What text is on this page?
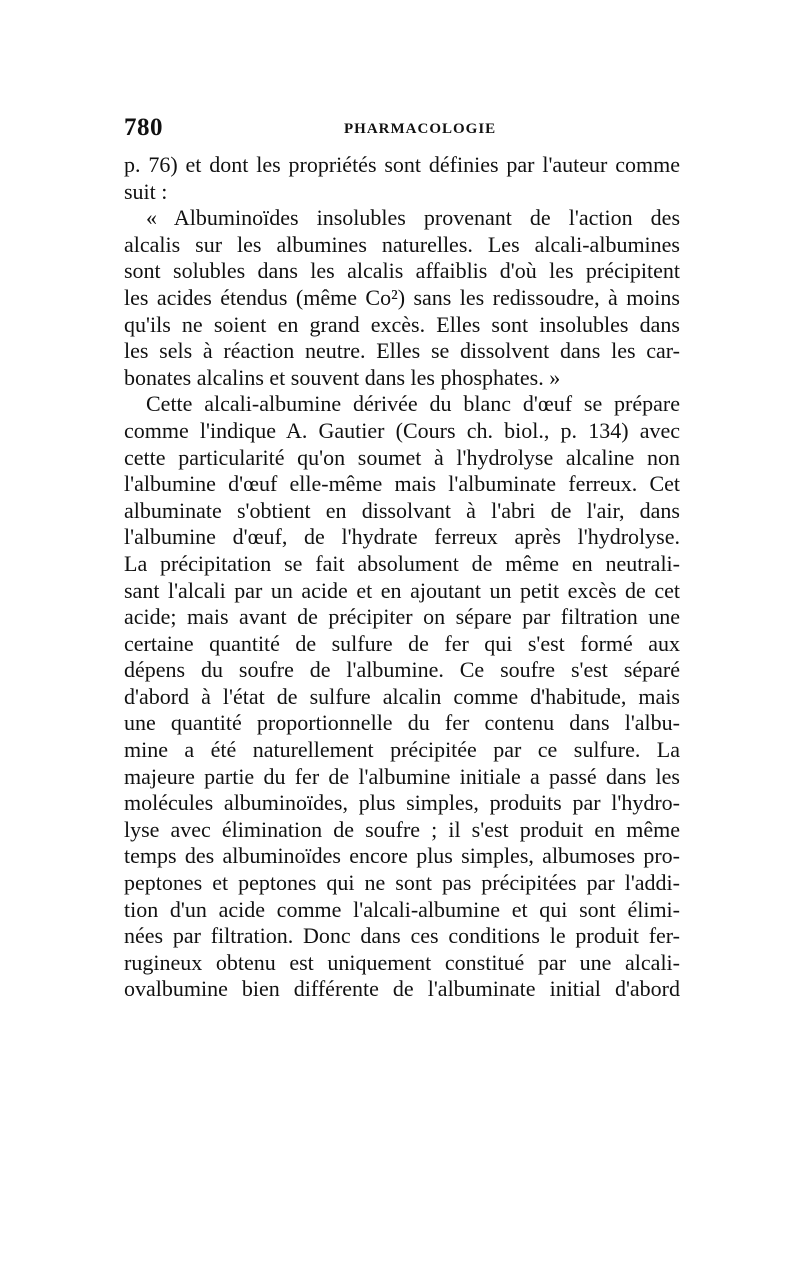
780	PHARMACOLOGIE
p. 76) et dont les propriétés sont définies par l'auteur comme
suit :
« Albuminoïdes insolubles provenant de l'action des
alcalis sur les albumines naturelles. Les alcali-albumines
sont solubles dans les alcalis affaiblis d'où les précipitent
les acides étendus (même Co²) sans les redissoudre, à moins
qu'ils ne soient en grand excès. Elles sont insolubles dans
les sels à réaction neutre. Elles se dissolvent dans les car-
bonates alcalins et souvent dans les phosphates. »
Cette alcali-albumine dérivée du blanc d'œuf se prépare
comme l'indique A. Gautier (Cours ch. biol., p. 134) avec
cette particularité qu'on soumet à l'hydrolyse alcaline non
l'albumine d'œuf elle-même mais l'albuminate ferreux. Cet
albuminate s'obtient en dissolvant à l'abri de l'air, dans
l'albumine d'œuf, de l'hydrate ferreux après l'hydrolyse.
La précipitation se fait absolument de même en neutrali-
sant l'alcali par un acide et en ajoutant un petit excès de cet
acide; mais avant de précipiter on sépare par filtration une
certaine quantité de sulfure de fer qui s'est formé aux
dépens du soufre de l'albumine. Ce soufre s'est séparé
d'abord à l'état de sulfure alcalin comme d'habitude, mais
une quantité proportionnelle du fer contenu dans l'albu-
mine a été naturellement précipitée par ce sulfure. La
majeure partie du fer de l'albumine initiale a passé dans les
molécules albuminoïdes, plus simples, produits par l'hydro-
lyse avec élimination de soufre ; il s'est produit en même
temps des albuminoïdes encore plus simples, albumoses pro-
peptones et peptones qui ne sont pas précipitées par l'addi-
tion d'un acide comme l'alcali-albumine et qui sont élimi-
nées par filtration. Donc dans ces conditions le produit fer-
rugineux obtenu est uniquement constitué par une alcali-
ovalbumine bien différente de l'albuminate initial d'abord
